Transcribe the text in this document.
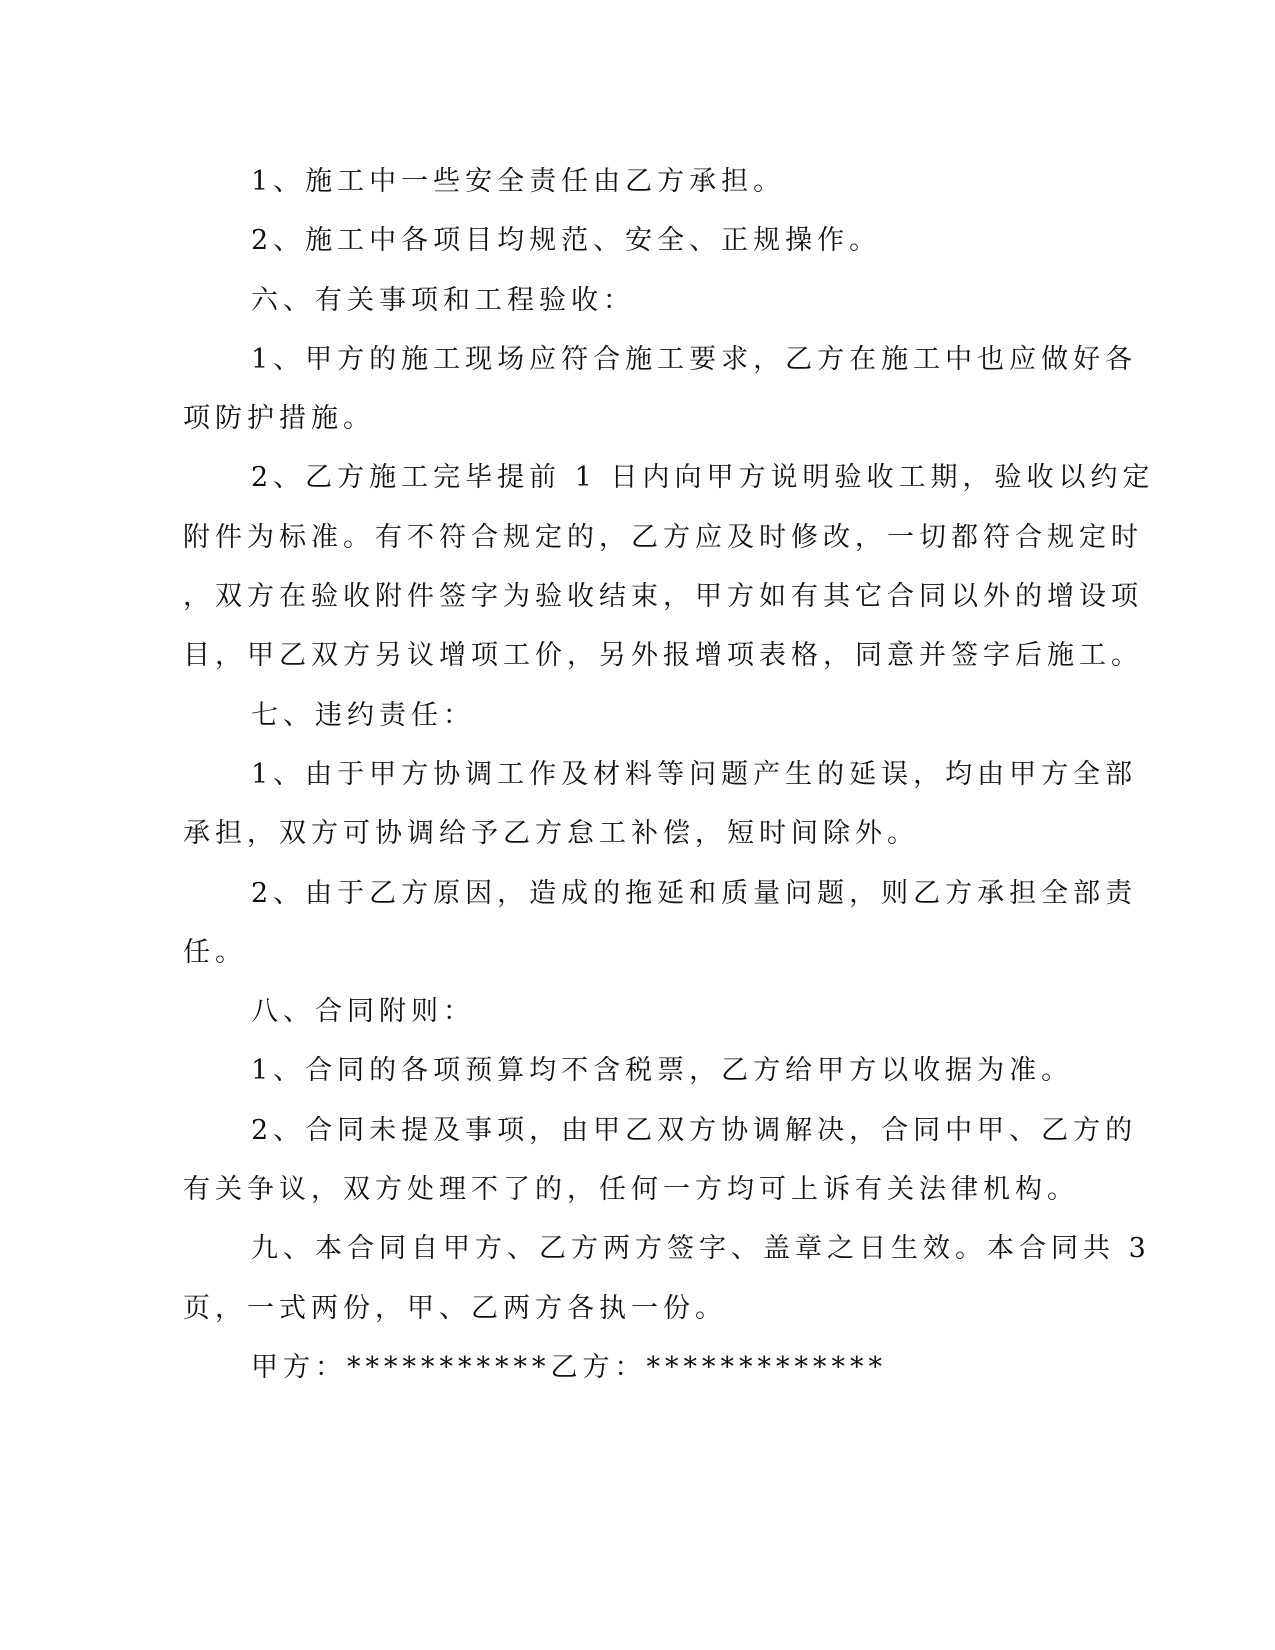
1、施工中一些安全责任由乙方承担。
2、施工中各项目均规范、安全、正规操作。
六、有关事项和工程验收：
1、甲方的施工现场应符合施工要求，乙方在施工中也应做好各
项防护措施。
2、乙方施工完毕提前 1 日内向甲方说明验收工期，验收以约定
附件为标准。有不符合规定的，乙方应及时修改，一切都符合规定时
，双方在验收附件签字为验收结束，甲方如有其它合同以外的增设项
目，甲乙双方另议增项工价，另外报增项表格，同意并签字后施工。
七、违约责任：
1、由于甲方协调工作及材料等问题产生的延误，均由甲方全部
承担，双方可协调给予乙方怠工补偿，短时间除外。
2、由于乙方原因，造成的拖延和质量问题，则乙方承担全部责
任。
八、合同附则：
1、合同的各项预算均不含税票，乙方给甲方以收据为准。
2、合同未提及事项，由甲乙双方协调解决，合同中甲、乙方的
有关争议，双方处理不了的，任何一方均可上诉有关法律机构。
九、本合同自甲方、乙方两方签字、盖章之日生效。本合同共 3
页，一式两份，甲、乙两方各执一份。
甲方：***********乙方：*************
